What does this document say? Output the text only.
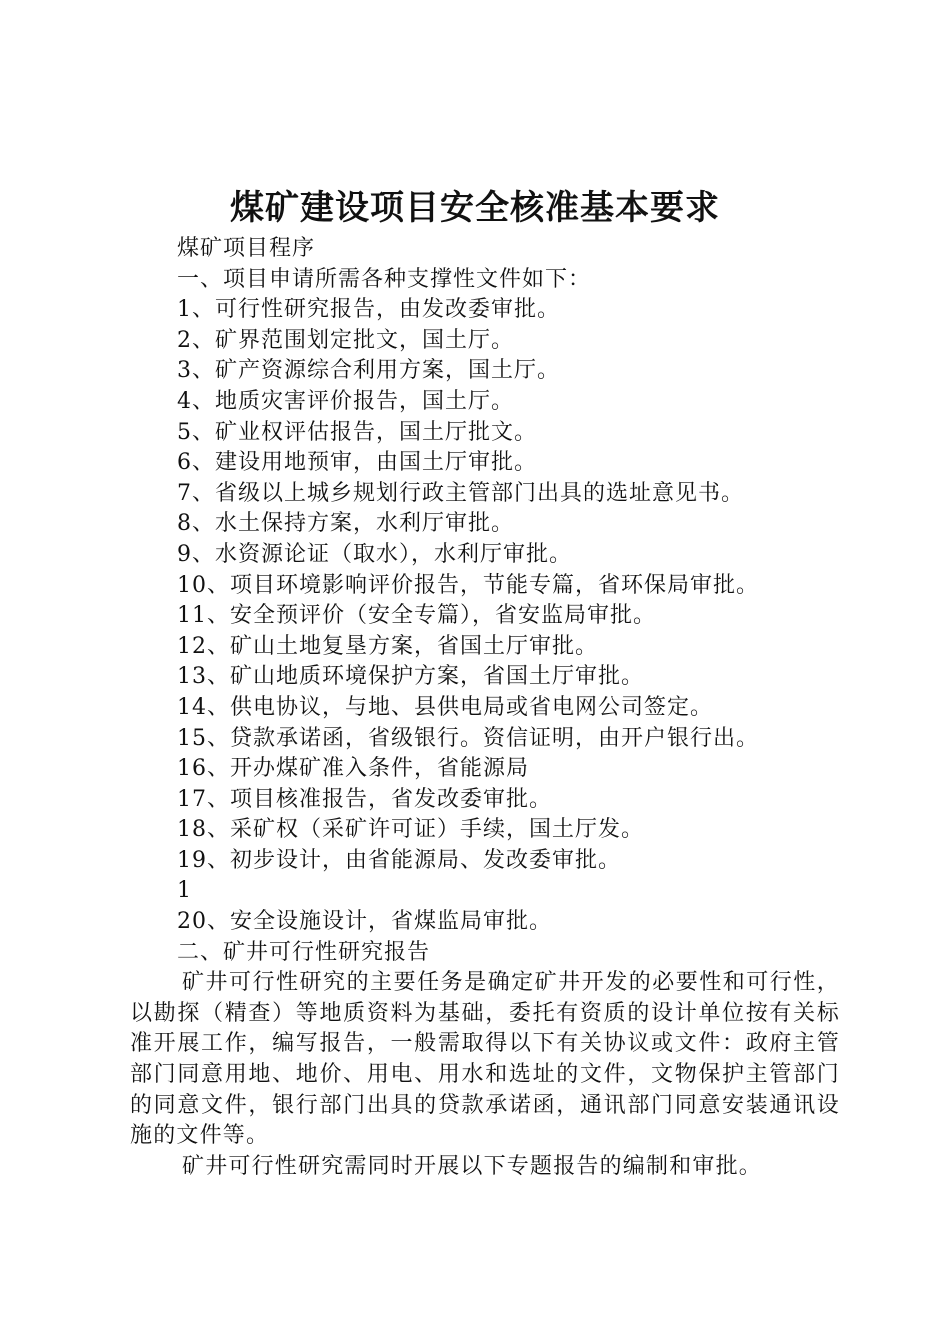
煤矿建设项目安全核准基本要求

煤矿项目程序

一、项目申请所需各种支撑性文件如下：

1、可行性研究报告，由发改委审批。

2、矿界范围划定批文，国土厅。

3、矿产资源综合利用方案，国土厅。

4、地质灾害评价报告，国土厅。

5、矿业权评估报告，国土厅批文。

6、建设用地预审，由国土厅审批。

7、省级以上城乡规划行政主管部门出具的选址意见书。

8、水土保持方案，水利厅审批。

9、水资源论证（取水），水利厅审批。

10、项目环境影响评价报告，节能专篇，省环保局审批。

11、安全预评价（安全专篇），省安监局审批。

12、矿山土地复垦方案，省国土厅审批。

13、矿山地质环境保护方案，省国土厅审批。

14、供电协议，与地、县供电局或省电网公司签定。

15、贷款承诺函，省级银行。资信证明，由开户银行出。

16、开办煤矿准入条件，省能源局

17、项目核准报告，省发改委审批。

18、采矿权（采矿许可证）手续，国土厅发。

19、初步设计，由省能源局、发改委审批。

1

20、安全设施设计，省煤监局审批。

二、矿井可行性研究报告

矿井可行性研究的主要任务是确定矿井开发的必要性和可行性，以勘探（精查）等地质资料为基础，委托有资质的设计单位按有关标准开展工作，编写报告，一般需取得以下有关协议或文件：政府主管部门同意用地、地价、用电、用水和选址的文件，文物保护主管部门的同意文件，银行部门出具的贷款承诺函，通讯部门同意安装通讯设施的文件等。

矿井可行性研究需同时开展以下专题报告的编制和审批。
